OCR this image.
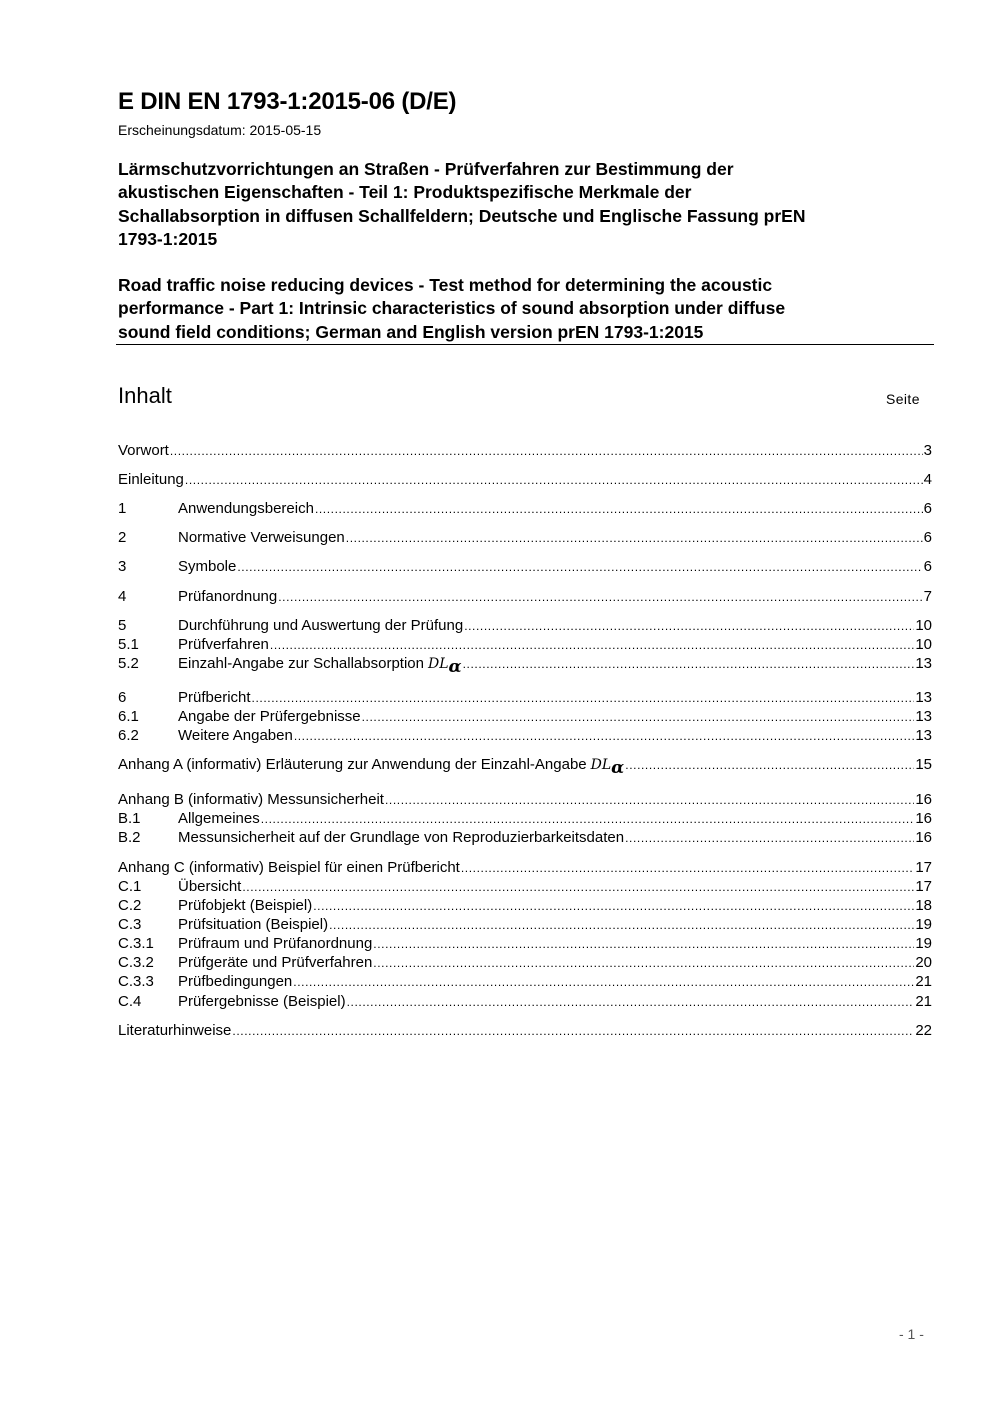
E DIN EN 1793-1:2015-06 (D/E)
Erscheinungsdatum: 2015-05-15
Lärmschutzvorrichtungen an Straßen - Prüfverfahren zur Bestimmung der
akustischen Eigenschaften - Teil 1: Produktspezifische Merkmale der
Schallabsorption in diffusen Schallfeldern; Deutsche und Englische Fassung prEN
1793-1:2015
Road traffic noise reducing devices - Test method for determining the acoustic
performance - Part 1: Intrinsic characteristics of sound absorption under diffuse
sound field conditions; German and English version prEN 1793-1:2015
Inhalt	Seite
Vorwort .....	3
Einleitung .....	4
1	Anwendungsbereich .....	6
2	Normative Verweisungen .....	6
3	Symbole .....	6
4	Prüfanordnung .....	7
5	Durchführung und Auswertung der Prüfung .....	10
5.1	Prüfverfahren .....	10
5.2	Einzahl-Angabe zur Schallabsorption DL α .....	13
6	Prüfbericht .....	13
6.1	Angabe der Prüfergebnisse .....	13
6.2	Weitere Angaben .....	13
Anhang A (informativ) Erläuterung zur Anwendung der Einzahl-Angabe DL α .....	15
Anhang B (informativ) Messunsicherheit .....	16
B.1	Allgemeines .....	16
B.2	Messunsicherheit auf der Grundlage von Reproduzierbarkeitsdaten .....	16
Anhang C (informativ) Beispiel für einen Prüfbericht .....	17
C.1	Übersicht .....	17
C.2	Prüfobjekt (Beispiel) .....	18
C.3	Prüfsituation (Beispiel) .....	19
C.3.1	Prüfraum und Prüfanordnung .....	19
C.3.2	Prüfgeräte und Prüfverfahren .....	20
C.3.3	Prüfbedingungen .....	21
C.4	Prüfergebnisse (Beispiel) .....	21
Literaturhinweise .....	22
- 1 -
